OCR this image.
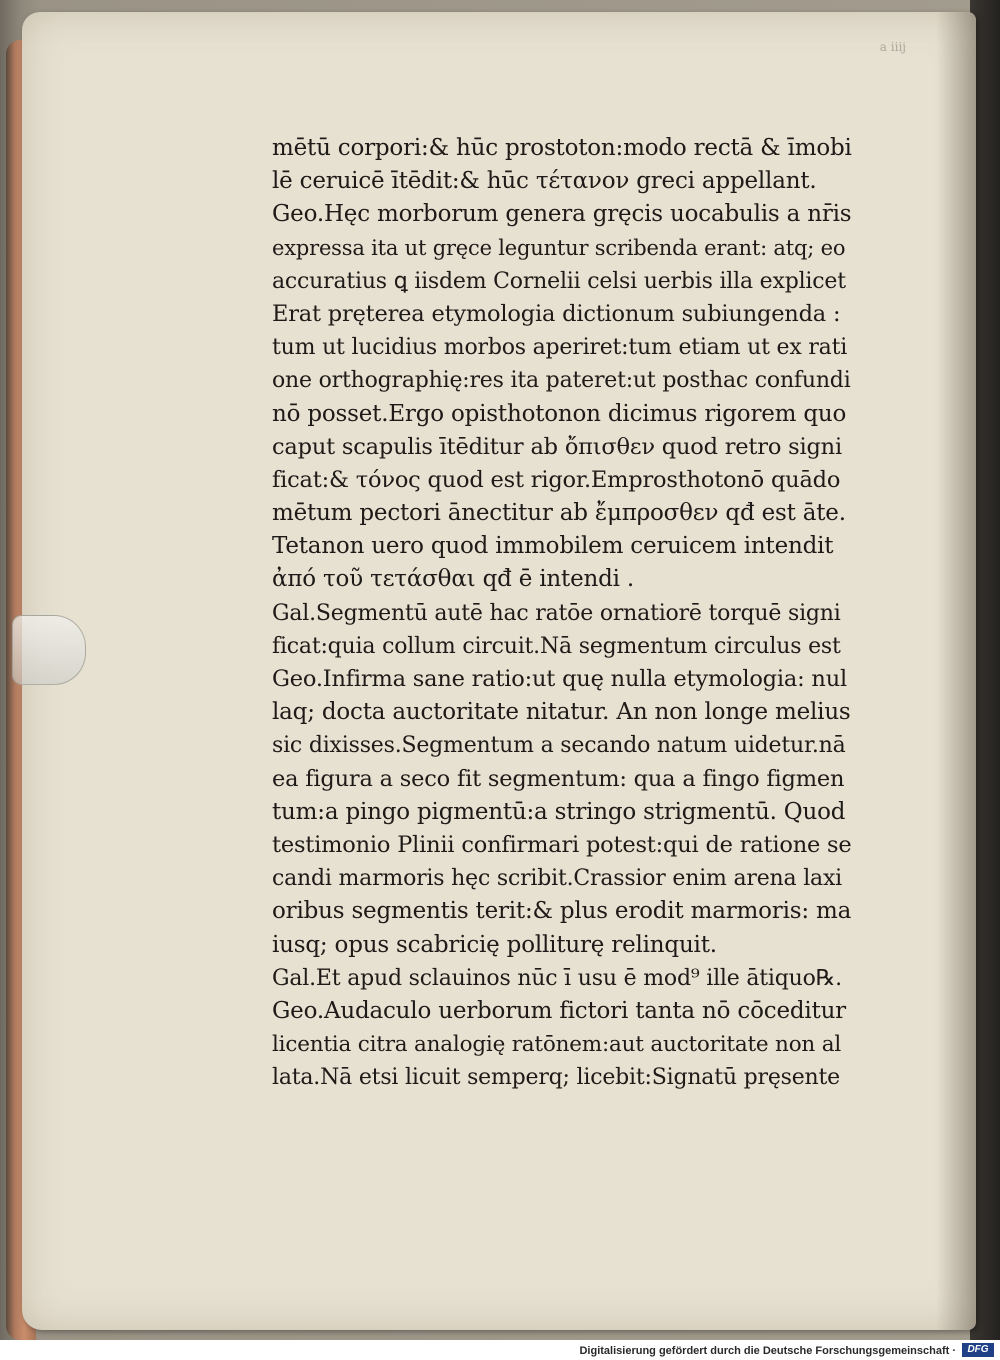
a iiij
mētū corpori:& hūc prostoton:modo rectā & īmobi
lē ceruicē ītēdit:& hūc τέτανον greci appellant.
Geo.Hęc morborum genera gręcis uocabulis a nr̄is
expressa ita ut gręce leguntur scribenda erant: atq; eo
accuratius ꝗ iisdem Cornelii celsi uerbis illa explicet
Erat pręterea etymologia dictionum subiungenda :
tum ut lucidius morbos aperiret:tum etiam ut ex rati
one orthographię:res ita pateret:ut posthac confundi
nō posset.Ergo opisthotonon dicimus rigorem quo
caput scapulis ītēditur ab ὄπισθεν quod retro signi
ficat:& τόνος quod est rigor.Emprosthotonō quādo
mētum pectori ānectitur ab ἔμπροσθεν qđ est āte.
Tetanon uero quod immobilem ceruicem intendit
ἀπό τοῦ τετάσθαι qđ ē intendi .
Gal.Segmentū autē hac ratōe ornatiorē torquē signi
ficat:quia collum circuit.Nā segmentum circulus est
Geo.Infirma sane ratio:ut quę nulla etymologia: nul
laq; docta auctoritate nitatur. An non longe melius
sic dixisses.Segmentum a secando natum uidetur.nā
ea figura a seco fit segmentum: qua a fingo figmen
tum:a pingo pigmentū:a stringo strigmentū. Quod
testimonio Plinii confirmari potest:qui de ratione se
candi marmoris hęc scribit.Crassior enim arena laxi
oribus segmentis terit:& plus erodit marmoris: ma
iusq; opus scabricię polliturę relinquit.
Gal.Et apud sclauinos nūc ī usu ē mod⁹ ille ātiquo℞.
Geo.Audaculo uerborum fictori tanta nō cōceditur
licentia citra analogię ratōnem:aut auctoritate non al
lata.Nā etsi licuit semperq; licebit:Signatū pręsente
Digitalisierung gefördert durch die Deutsche Forschungsgemeinschaft ·	DFG
